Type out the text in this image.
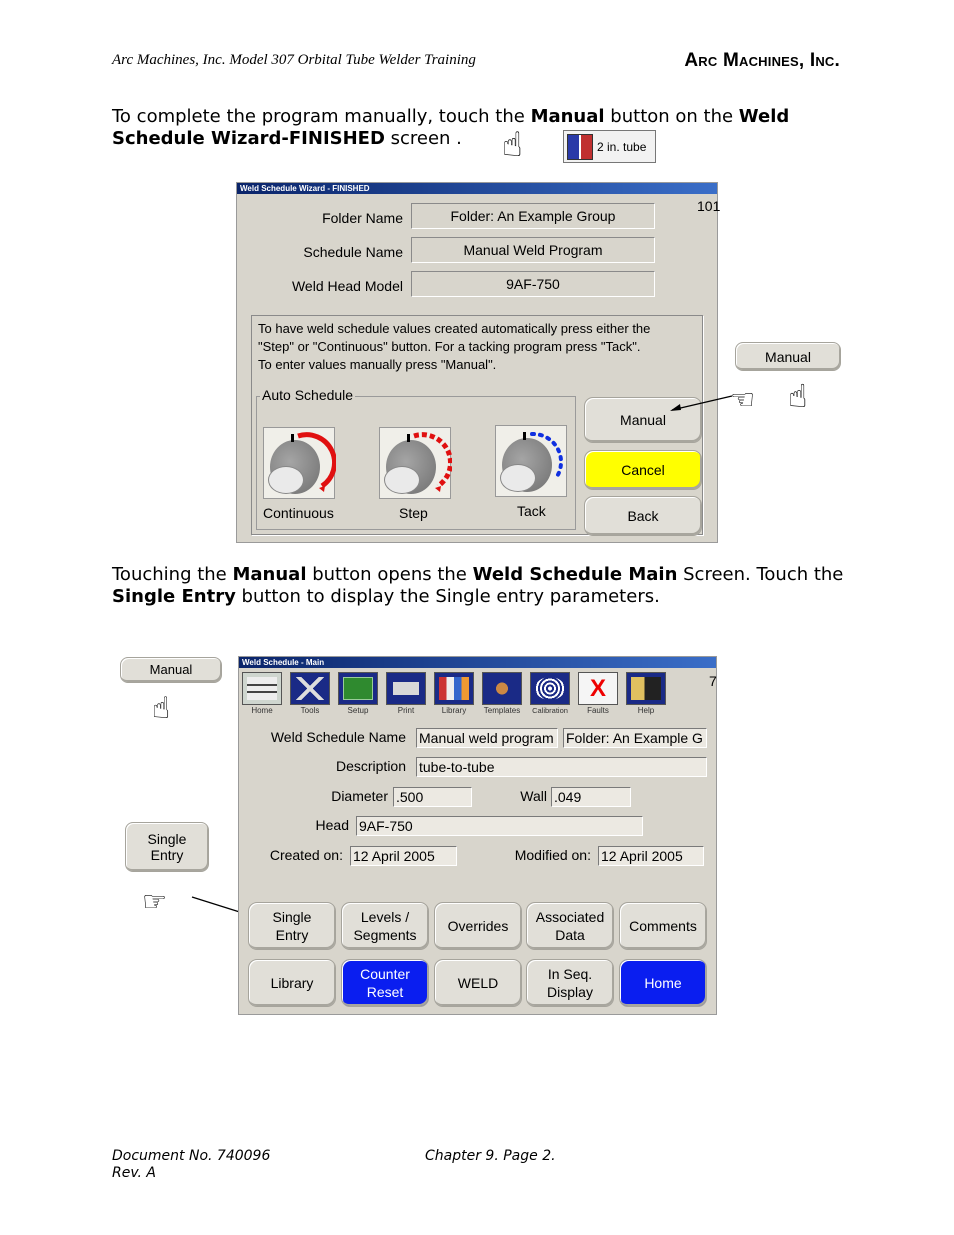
Arc Machines, Inc. Model 307 Orbital Tube Welder Training	Arc Machines, Inc.
To complete the program manually, touch the Manual button on the Weld Schedule Wizard-FINISHED screen .	☝	2 in. tube
Weld Schedule Wizard - FINISHED
Folder Name	Folder: An Example Group
Schedule Name	Manual Weld Program
Weld Head Model	9AF-750
101
To have weld schedule values created automatically press either the
"Step" or "Continuous" button. For a tacking program press "Tack".
To enter values manually press "Manual".
Auto Schedule
Continuous	Step	Tack
Manual
Cancel
Back
Manual
☜ ☝
Touching the Manual button opens the Weld Schedule Main Screen. Touch the Single Entry button to display the Single entry parameters.
Manual
☝
Single Entry
☞
Weld Schedule - Main
7
Home	Tools	Setup	Print	Library	Templates	Calibration
X
Faults	Help
Weld Schedule Name Manual weld program Folder: An Example G
Description tube-to-tube
Diameter .500	Wall .049
Head 9AF-750
Created on: 12 April 2005	Modified on: 12 April 2005
Single Entry
Levels / Segments
Overrides
Associated Data
Comments
Library
Counter Reset
WELD
In Seq. Display
Home
Document No. 740096
Rev. A
Chapter 9. Page 2.
